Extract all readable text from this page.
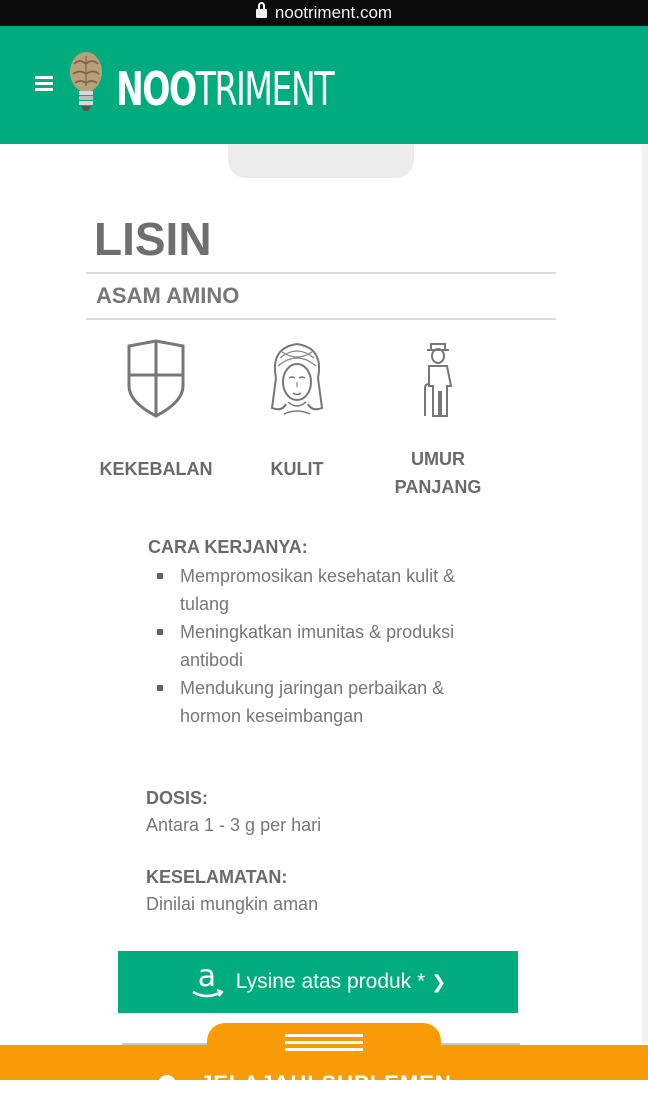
nootriment.com
NOOTRIMENT
LISIN
ASAM AMINO
KEKEBALAN	KULIT	UMUR PANJANG
CARA KERJANYA:
Mempromosikan kesehatan kulit & tulang
Meningkatkan imunitas & produksi antibodi
Mendukung jaringan perbaikan & hormon keseimbangan
DOSIS:
Antara 1 - 3 g per hari
KESELAMATAN:
Dinilai mungkin aman
a Lysine atas produk * ❯
JELAJAHI SUPLEMEN ...
